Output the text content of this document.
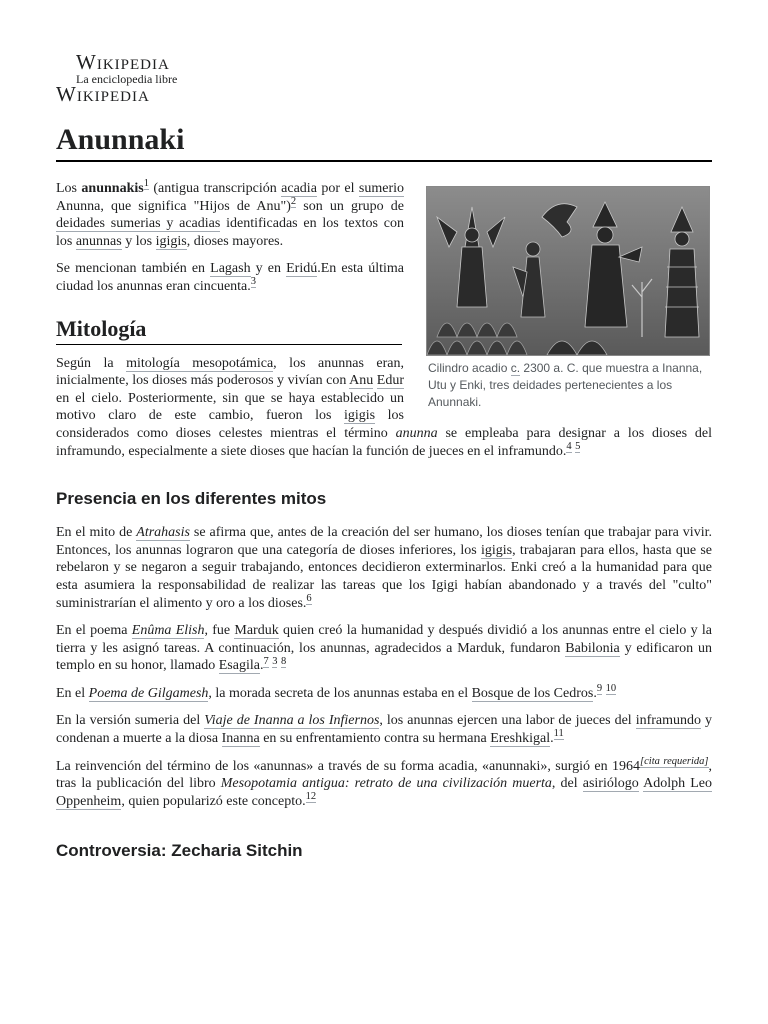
Wikipedia
La enciclopedia libre
Wikipedia
Anunnaki
Cilindro acadio c. 2300 a. C. que muestra a Inanna, Utu y Enki, tres deidades pertenecientes a los Anunnaki.

Los anunnakis$^1$ (antigua transcripción acadia por el sumerio Anunna, que significa "Hijos de Anu")$^2$ son un grupo de deidades sumerias y acadias identificadas en los textos con los anunnas y los igigis, dioses mayores.

Se mencionan también en Lagash y en Eridú.En esta última ciudad los anunnas eran cincuenta.$^3$

Mitología

Según la mitología mesopotámica, los anunnas eran, inicialmente, los dioses más poderosos y vivían con Anu Edur en el cielo. Posteriormente, sin que se haya establecido un motivo claro de este cambio, fueron los igigis los considerados como dioses celestes mientras el término anunna se empleaba para designar a los dioses del inframundo, especialmente a siete dioses que hacían la función de jueces en el inframundo.$^4$ $^5$

Presencia en los diferentes mitos

En el mito de Atrahasis se afirma que, antes de la creación del ser humano, los dioses tenían que trabajar para vivir. Entonces, los anunnas lograron que una categoría de dioses inferiores, los igigis, trabajaran para ellos, hasta que se rebelaron y se negaron a seguir trabajando, entonces decidieron exterminarlos. Enki creó a la humanidad para que esta asumiera la responsabilidad de realizar las tareas que los Igigi habían abandonado y a través del "culto" suministrarían el alimento y oro a los dioses.$^6$

En el poema Enûma Elish, fue Marduk quien creó la humanidad y después dividió a los anunnas entre el cielo y la tierra y les asignó tareas. A continuación, los anunnas, agradecidos a Marduk, fundaron Babilonia y edificaron un templo en su honor, llamado Esagila.$^7$ $^3$ $^8$

En el Poema de Gilgamesh, la morada secreta de los anunnas estaba en el Bosque de los Cedros.$^9$ $^{10}$

En la versión sumeria del Viaje de Inanna a los Infiernos, los anunnas ejercen una labor de jueces del inframundo y condenan a muerte a la diosa Inanna en su enfrentamiento contra su hermana Ereshkigal.$^{11}$

La reinvención del término de los «anunnas» a través de su forma acadia, «anunnaki», surgió en 1964[cita requerida], tras la publicación del libro Mesopotamia antigua: retrato de una civilización muerta, del asiriólogo Adolph Leo Oppenheim, quien popularizó este concepto.$^{12}$

Controversia: Zecharia Sitchin
